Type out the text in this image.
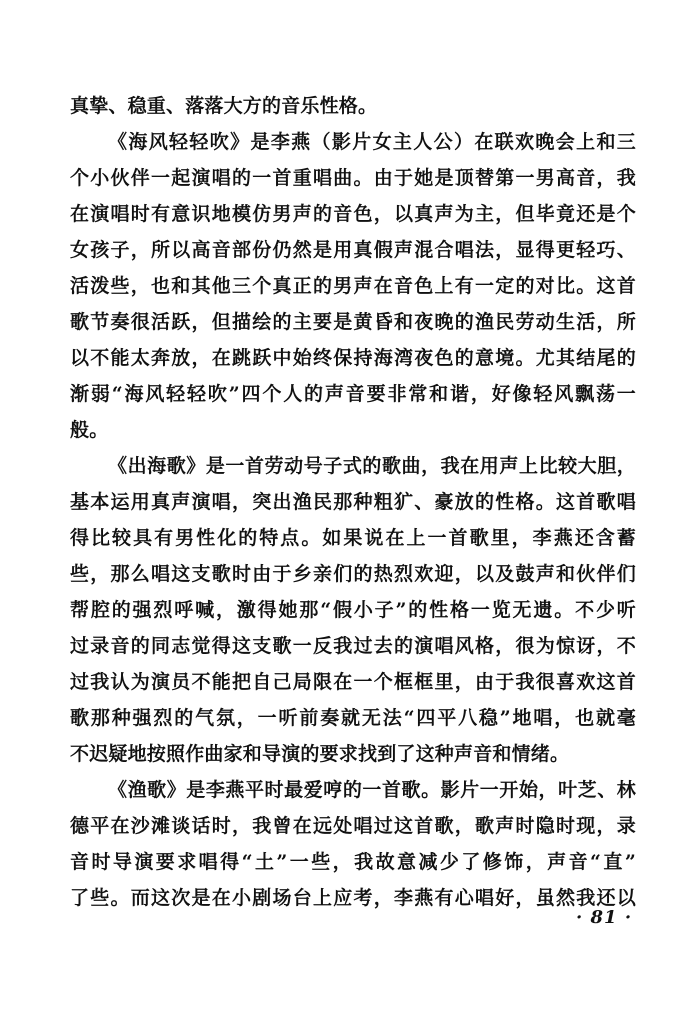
真挚、稳重、落落大方的音乐性格。
《海风轻轻吹》是李燕（影片女主人公）在联欢晚会上和三
个小伙伴一起演唱的一首重唱曲。由于她是顶替第一男高音，我
在演唱时有意识地模仿男声的音色，以真声为主，但毕竟还是个
女孩子，所以高音部份仍然是用真假声混合唱法，显得更轻巧、
活泼些，也和其他三个真正的男声在音色上有一定的对比。这首
歌节奏很活跃，但描绘的主要是黄昏和夜晚的渔民劳动生活，所
以不能太奔放，在跳跃中始终保持海湾夜色的意境。尤其结尾的
渐弱“海风轻轻吹”四个人的声音要非常和谐，好像轻风飘荡一
般。
《出海歌》是一首劳动号子式的歌曲，我在用声上比较大胆，
基本运用真声演唱，突出渔民那种粗犷、豪放的性格。这首歌唱
得比较具有男性化的特点。如果说在上一首歌里，李燕还含蓄
些，那么唱这支歌时由于乡亲们的热烈欢迎，以及鼓声和伙伴们
帮腔的强烈呼喊，激得她那“假小子”的性格一览无遗。不少听
过录音的同志觉得这支歌一反我过去的演唱风格，很为惊讶，不
过我认为演员不能把自己局限在一个框框里，由于我很喜欢这首
歌那种强烈的气氛，一听前奏就无法“四平八稳”地唱，也就毫
不迟疑地按照作曲家和导演的要求找到了这种声音和情绪。
《渔歌》是李燕平时最爱哼的一首歌。影片一开始，叶芝、林
德平在沙滩谈话时，我曾在远处唱过这首歌，歌声时隐时现，录
音时导演要求唱得“土”一些，我故意减少了修饰，声音“直”
了些。而这次是在小剧场台上应考，李燕有心唱好，虽然我还以
· 81 ·
